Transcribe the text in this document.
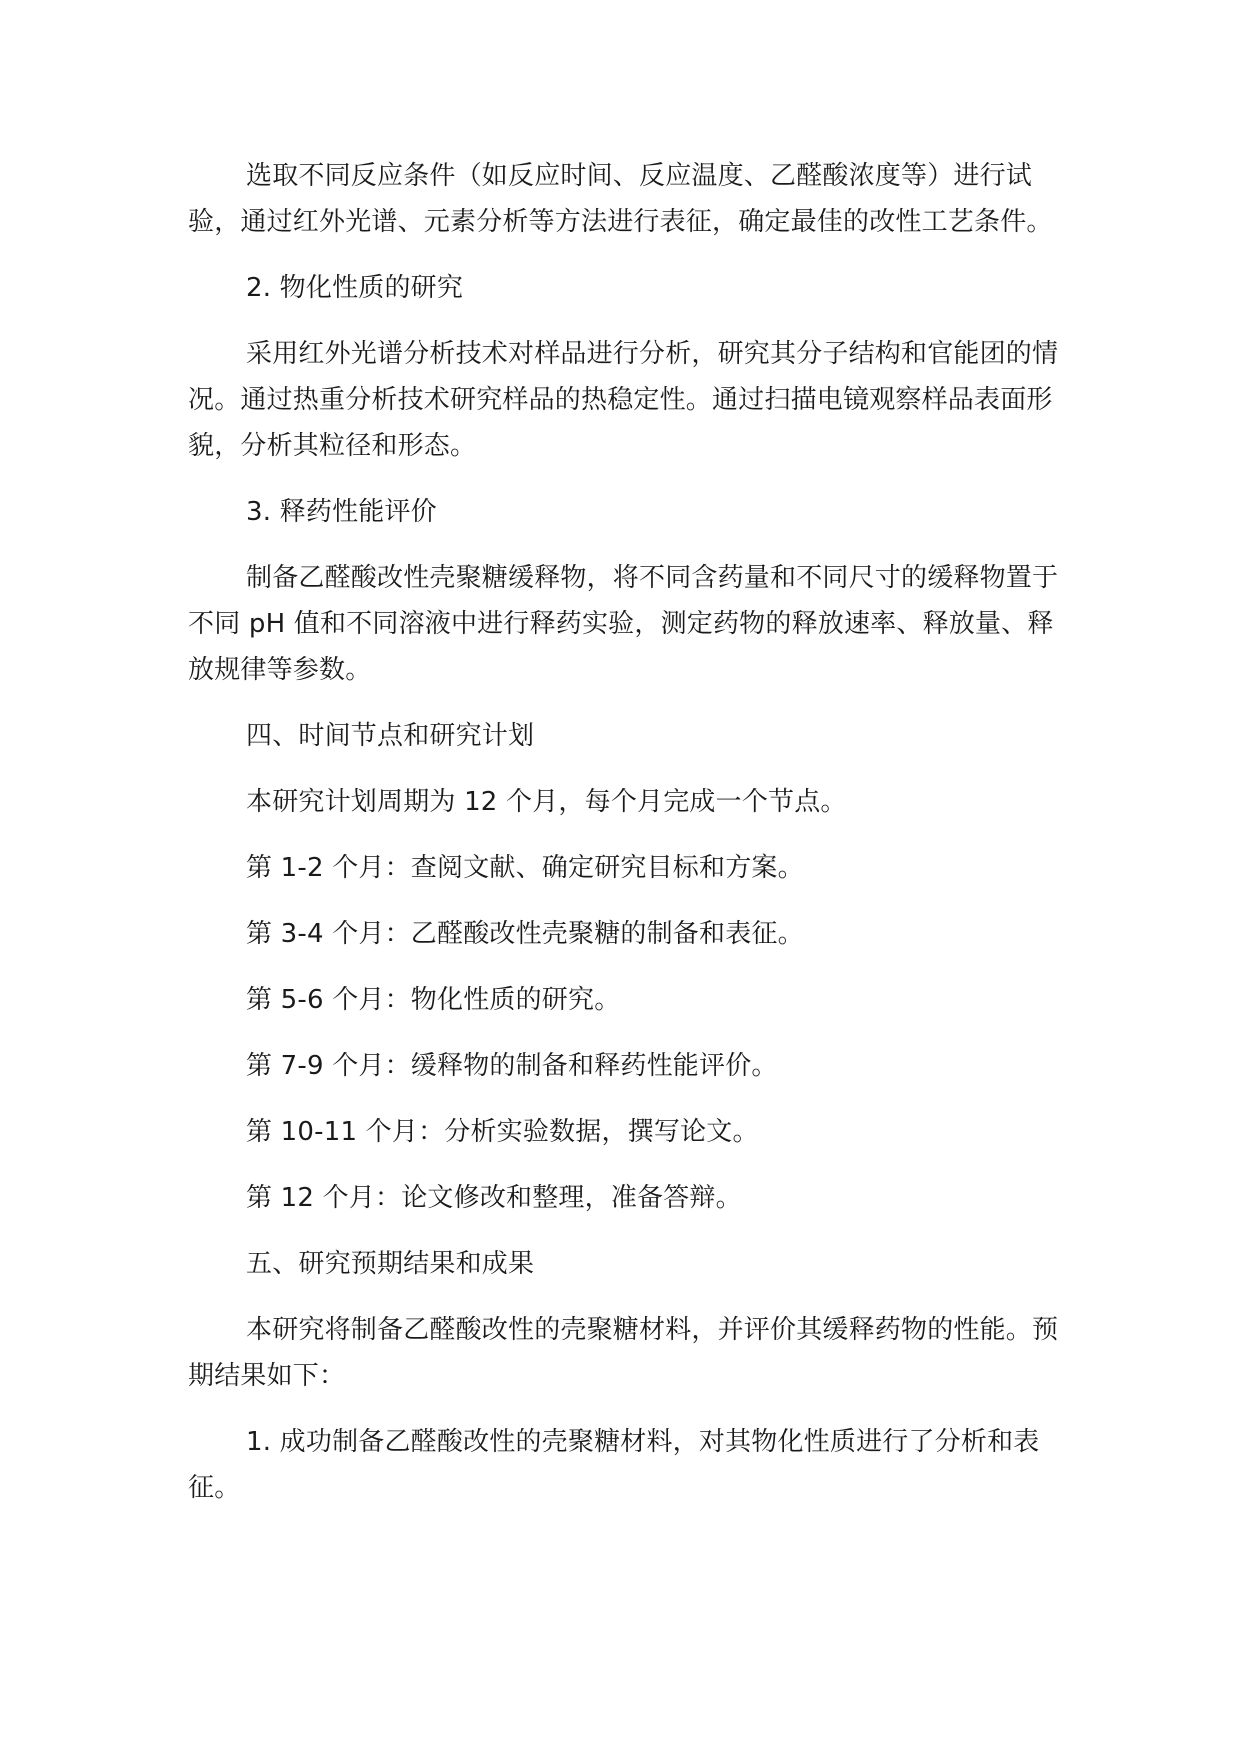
选取不同反应条件（如反应时间、反应温度、乙醛酸浓度等）进行试验，通过红外光谱、元素分析等方法进行表征，确定最佳的改性工艺条件。

2. 物化性质的研究

采用红外光谱分析技术对样品进行分析，研究其分子结构和官能团的情况。通过热重分析技术研究样品的热稳定性。通过扫描电镜观察样品表面形貌，分析其粒径和形态。

3. 释药性能评价

制备乙醛酸改性壳聚糖缓释物，将不同含药量和不同尺寸的缓释物置于不同 pH 值和不同溶液中进行释药实验，测定药物的释放速率、释放量、释放规律等参数。

四、时间节点和研究计划

本研究计划周期为 12 个月，每个月完成一个节点。

第 1-2 个月：查阅文献、确定研究目标和方案。

第 3-4 个月：乙醛酸改性壳聚糖的制备和表征。

第 5-6 个月：物化性质的研究。

第 7-9 个月：缓释物的制备和释药性能评价。

第 10-11 个月：分析实验数据，撰写论文。

第 12 个月：论文修改和整理，准备答辩。

五、研究预期结果和成果

本研究将制备乙醛酸改性的壳聚糖材料，并评价其缓释药物的性能。预期结果如下：

1. 成功制备乙醛酸改性的壳聚糖材料，对其物化性质进行了分析和表征。
